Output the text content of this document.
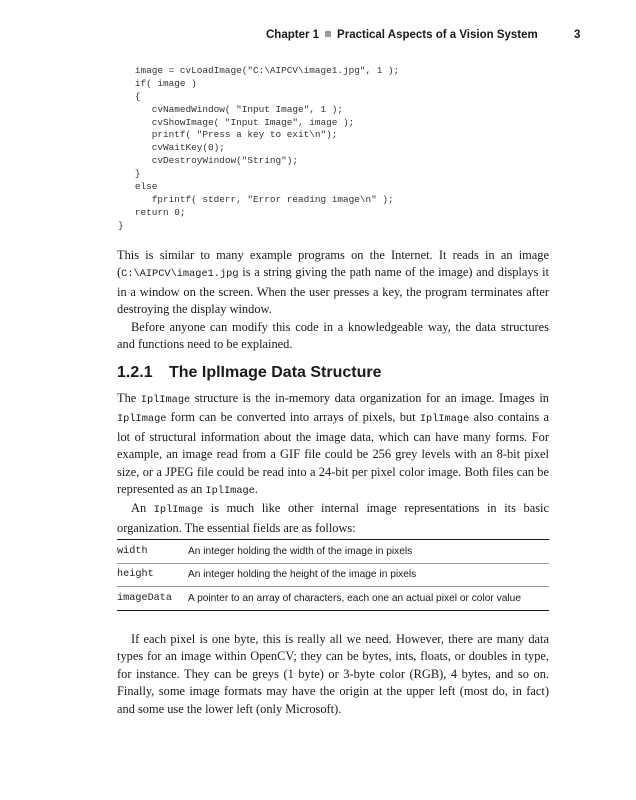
Chapter 1 Practical Aspects of a Vision System	3
image = cvLoadImage("C:\AIPCV\image1.jpg", 1 );
if( image )
{
cvNamedWindow( "Input Image", 1 );
cvShowImage( "Input Image", image );
printf( "Press a key to exit\n");
cvWaitKey(0);
cvDestroyWindow("String");
}
else
fprintf( stderr, "Error reading image\n" );
return 0;
}

This is similar to many example programs on the Internet. It reads in an image (C:\AIPCV\image1.jpg is a string giving the path name of the image) and displays it in a window on the screen. When the user presses a key, the program terminates after destroying the display window.

Before anyone can modify this code in a knowledgeable way, the data structures and functions need to be explained.

1.2.1 The IplImage Data Structure

The IplImage structure is the in-memory data organization for an image. Images in IplImage form can be converted into arrays of pixels, but IplImage also contains a lot of structural information about the image data, which can have many forms. For example, an image read from a GIF file could be 256 grey levels with an 8-bit pixel size, or a JPEG file could be read into a 24-bit per pixel color image. Both files can be represented as an IplImage.

An IplImage is much like other internal image representations in its basic organization. The essential fields are as follows:

width	An integer holding the width of the image in pixels
height	An integer holding the height of the image in pixels
imageData	A pointer to an array of characters, each one an actual pixel or color value

If each pixel is one byte, this is really all we need. However, there are many data types for an image within OpenCV; they can be bytes, ints, floats, or doubles in type, for instance. They can be greys (1 byte) or 3-byte color (RGB), 4 bytes, and so on. Finally, some image formats may have the origin at the upper left (most do, in fact) and some use the lower left (only Microsoft).
